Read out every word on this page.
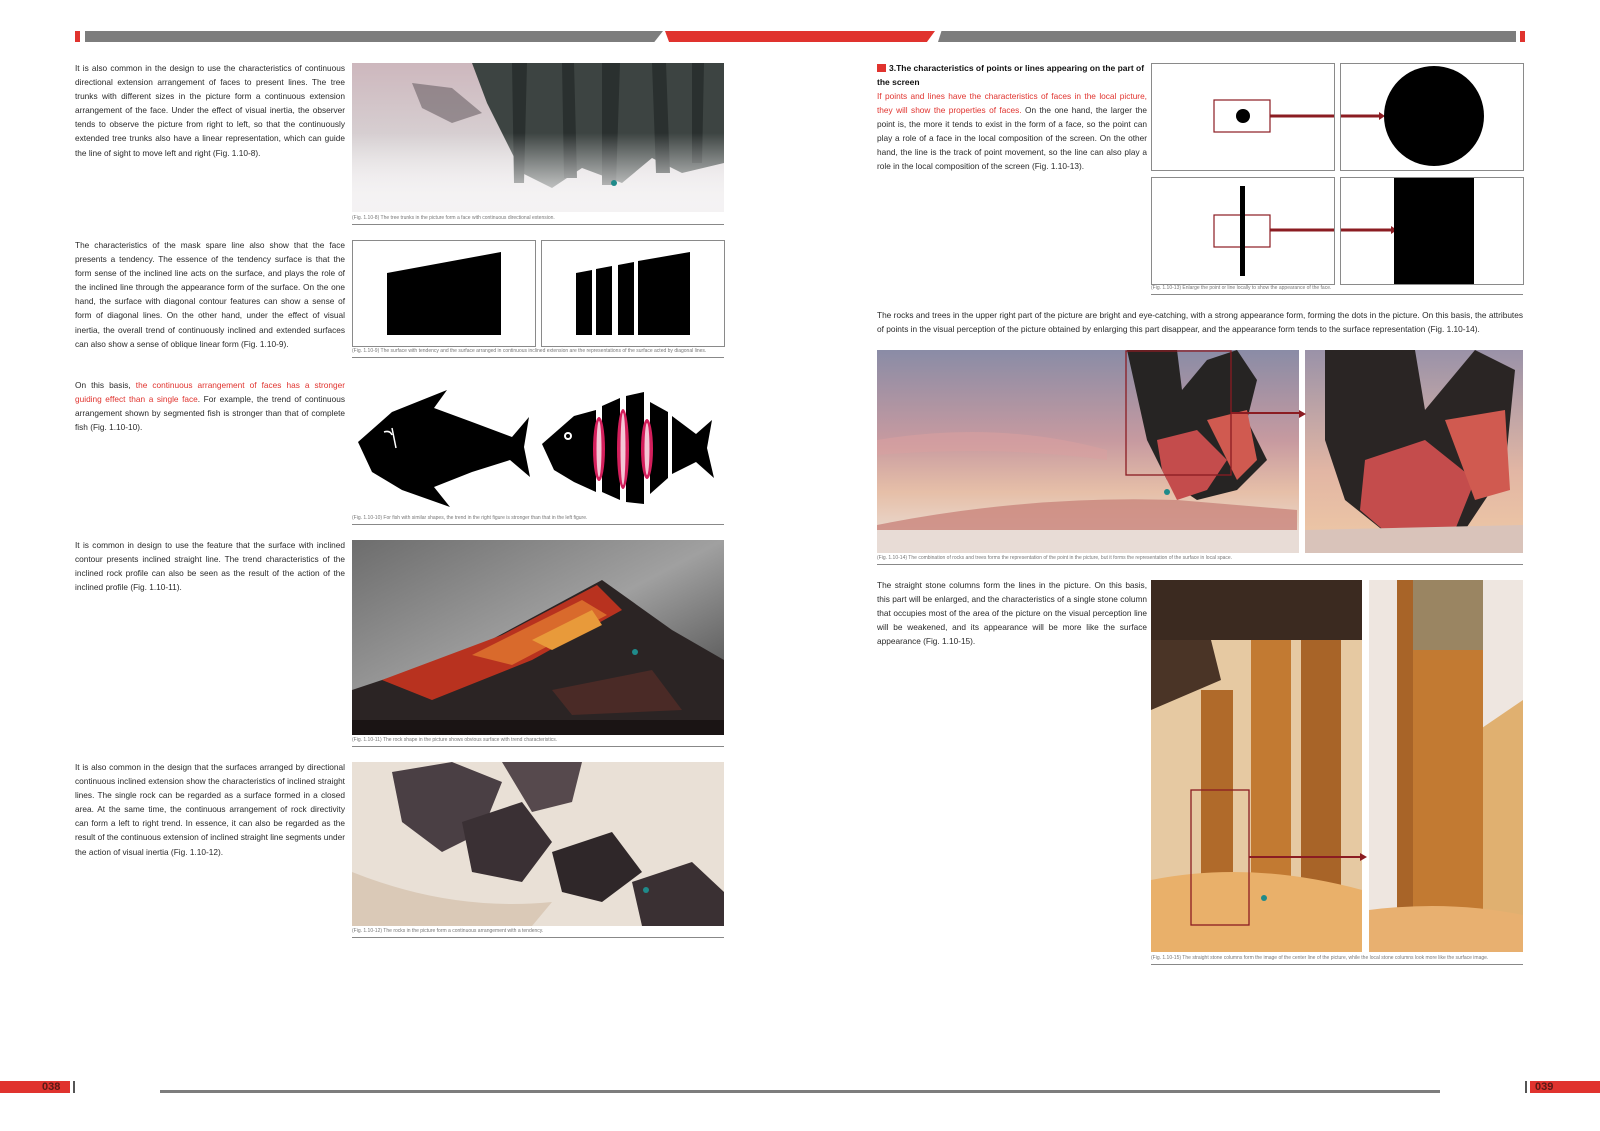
It is also common in the design to use the characteristics of continuous directional extension arrangement of faces to present lines. The tree trunks with different sizes in the picture form a continuous extension arrangement of the face. Under the effect of visual inertia, the observer tends to observe the picture from right to left, so that the continuously extended tree trunks also have a linear representation, which can guide the line of sight to move left and right (Fig. 1.10-8).

(Fig. 1.10-8) The tree trunks in the picture form a face with continuous directional extension.

The characteristics of the mask spare line also show that the face presents a tendency. The essence of the tendency surface is that the form sense of the inclined line acts on the surface, and plays the role of the inclined line through the appearance form of the surface. On the one hand, the surface with diagonal contour features can show a sense of form of diagonal lines. On the other hand, under the effect of visual inertia, the overall trend of continuously inclined and extended surfaces can also show a sense of oblique linear form (Fig. 1.10-9).

(Fig. 1.10-9) The surface with tendency and the surface arranged in continuous inclined extension are the representations of the surface acted by diagonal lines.

On this basis, the continuous arrangement of faces has a stronger guiding effect than a single face. For example, the trend of continuous arrangement shown by segmented fish is stronger than that of complete fish (Fig. 1.10-10).

(Fig. 1.10-10) For fish with similar shapes, the trend in the right figure is stronger than that in the left figure.

It is common in design to use the feature that the surface with inclined contour presents inclined straight line. The trend characteristics of the inclined rock profile can also be seen as the result of the action of the inclined profile (Fig. 1.10-11).

(Fig. 1.10-11) The rock shape in the picture shows obvious surface with trend characteristics.

It is also common in the design that the surfaces arranged by directional continuous inclined extension show the characteristics of inclined straight lines. The single rock can be regarded as a surface formed in a closed area. At the same time, the continuous arrangement of rock directivity can form a left to right trend. In essence, it can also be regarded as the result of the continuous extension of inclined straight line segments under the action of visual inertia (Fig. 1.10-12).

(Fig. 1.10-12) The rocks in the picture form a continuous arrangement with a tendency.
3.The characteristics of points or lines appearing on the part of the screen

If points and lines have the characteristics of faces in the local picture, they will show the properties of faces. On the one hand, the larger the point is, the more it tends to exist in the form of a face, so the point can play a role of a face in the local composition of the screen. On the other hand, the line is the track of point movement, so the line can also play a role in the local composition of the screen (Fig. 1.10-13).

(Fig. 1.10-13) Enlarge the point or line locally to show the appearance of the face.

The rocks and trees in the upper right part of the picture are bright and eye-catching, with a strong appearance form, forming the dots in the picture. On this basis, the attributes of points in the visual perception of the picture obtained by enlarging this part disappear, and the appearance form tends to the surface representation (Fig. 1.10-14).

(Fig. 1.10-14) The combination of rocks and trees forms the representation of the point in the picture, but it forms the representation of the surface in local space.

The straight stone columns form the lines in the picture. On this basis, this part will be enlarged, and the characteristics of a single stone column that occupies most of the area of the picture on the visual perception line will be weakened, and its appearance will be more like the surface appearance (Fig. 1.10-15).

(Fig. 1.10-15) The straight stone columns form the image of the center line of the picture, while the local stone columns look more like the surface image.
038	039
